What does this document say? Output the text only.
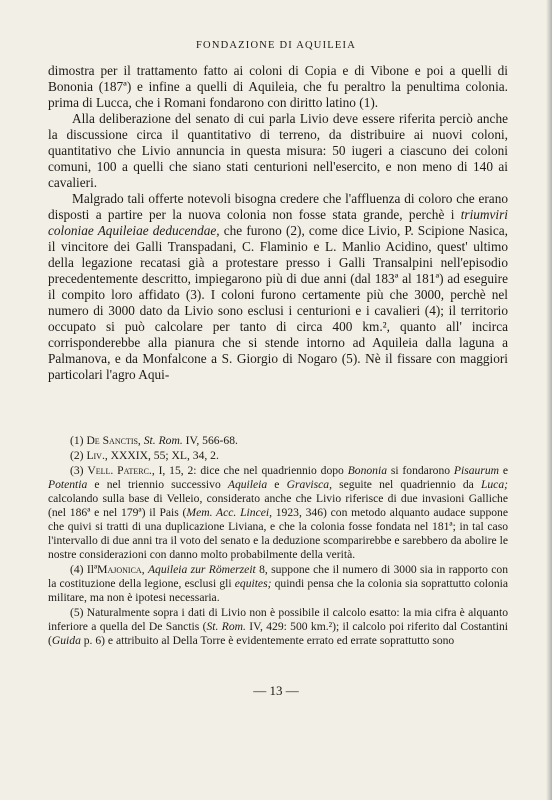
FONDAZIONE DI AQUILEIA

dimostra per il trattamento fatto ai coloni di Copia e di Vibone e poi a quelli di Bononia (187ª) e infine a quelli di Aquileia, che fu peraltro la penultima colonia. prima di Lucca, che i Romani fondarono con diritto latino (1).

Alla deliberazione del senato di cui parla Livio deve essere riferita perciò anche la discussione circa il quantitativo di terreno, da distribuire ai nuovi coloni, quantitativo che Livio annuncia in questa misura: 50 iugeri a ciascuno dei coloni comuni, 100 a quelli che siano stati centurioni nell'esercito, e non meno di 140 ai cavalieri.

Malgrado tali offerte notevoli bisogna credere che l'affluenza di coloro che erano disposti a partire per la nuova colonia non fosse stata grande, perchè i triumviri coloniae Aquileiae deducendae, che furono (2), come dice Livio, P. Scipione Nasica, il vincitore dei Galli Transpadani, C. Flaminio e L. Manlio Acidino, quest' ultimo della legazione recatasi già a protestare presso i Galli Transalpini nell'episodio precedentemente descritto, impiegarono più di due anni (dal 183ª al 181ª) ad eseguire il compito loro affidato (3). I coloni furono certamente più che 3000, perchè nel numero di 3000 dato da Livio sono esclusi i centurioni e i cavalieri (4); il territorio occupato si può calcolare per tanto di circa 400 km.², quanto all' incirca corrisponderebbe alla pianura che si stende intorno ad Aquileia dalla laguna a Palmanova, e da Monfalcone a S. Giorgio di Nogaro (5). Nè il fissare con maggiori particolari l'agro Aqui-

(1) De Sanctis, St. Rom. IV, 566-68.

(2) Liv., XXXIX, 55; XL, 34, 2.

(3) Vell. Paterc., I, 15, 2: dice che nel quadriennio dopo Bononia si fondarono Pisaurum e Potentia e nel triennio successivo Aquileia e Gravisca, seguite nel quadriennio da Luca; calcolando sulla base di Velleio, considerato anche che Livio riferisce di due invasioni Galliche (nel 186ª e nel 179ª) il Pais (Mem. Acc. Lincei, 1923, 346) con metodo alquanto audace suppone che quivi si tratti di una duplicazione Liviana, e che la colonia fosse fondata nel 181ª; in tal caso l'intervallo di due anni tra il voto del senato e la deduzione scomparirebbe e sarebbero da abolire le nostre considerazioni con danno molto probabilmente della verità.

(4) IlªMajonica, Aquileia zur Römerzeit 8, suppone che il numero di 3000 sia in rapporto con la costituzione della legione, esclusi gli equites; quindi pensa che la colonia sia soprattutto colonia militare, ma non è ipotesi necessaria.

(5) Naturalmente sopra i dati di Livio non è possibile il calcolo esatto: la mia cifra è alquanto inferiore a quella del De Sanctis (St. Rom. IV, 429: 500 km.²); il calcolo poi riferito dal Costantini (Guida p. 6) e attribuito al Della Torre è evidentemente errato ed errate soprattutto sono

— 13 —
